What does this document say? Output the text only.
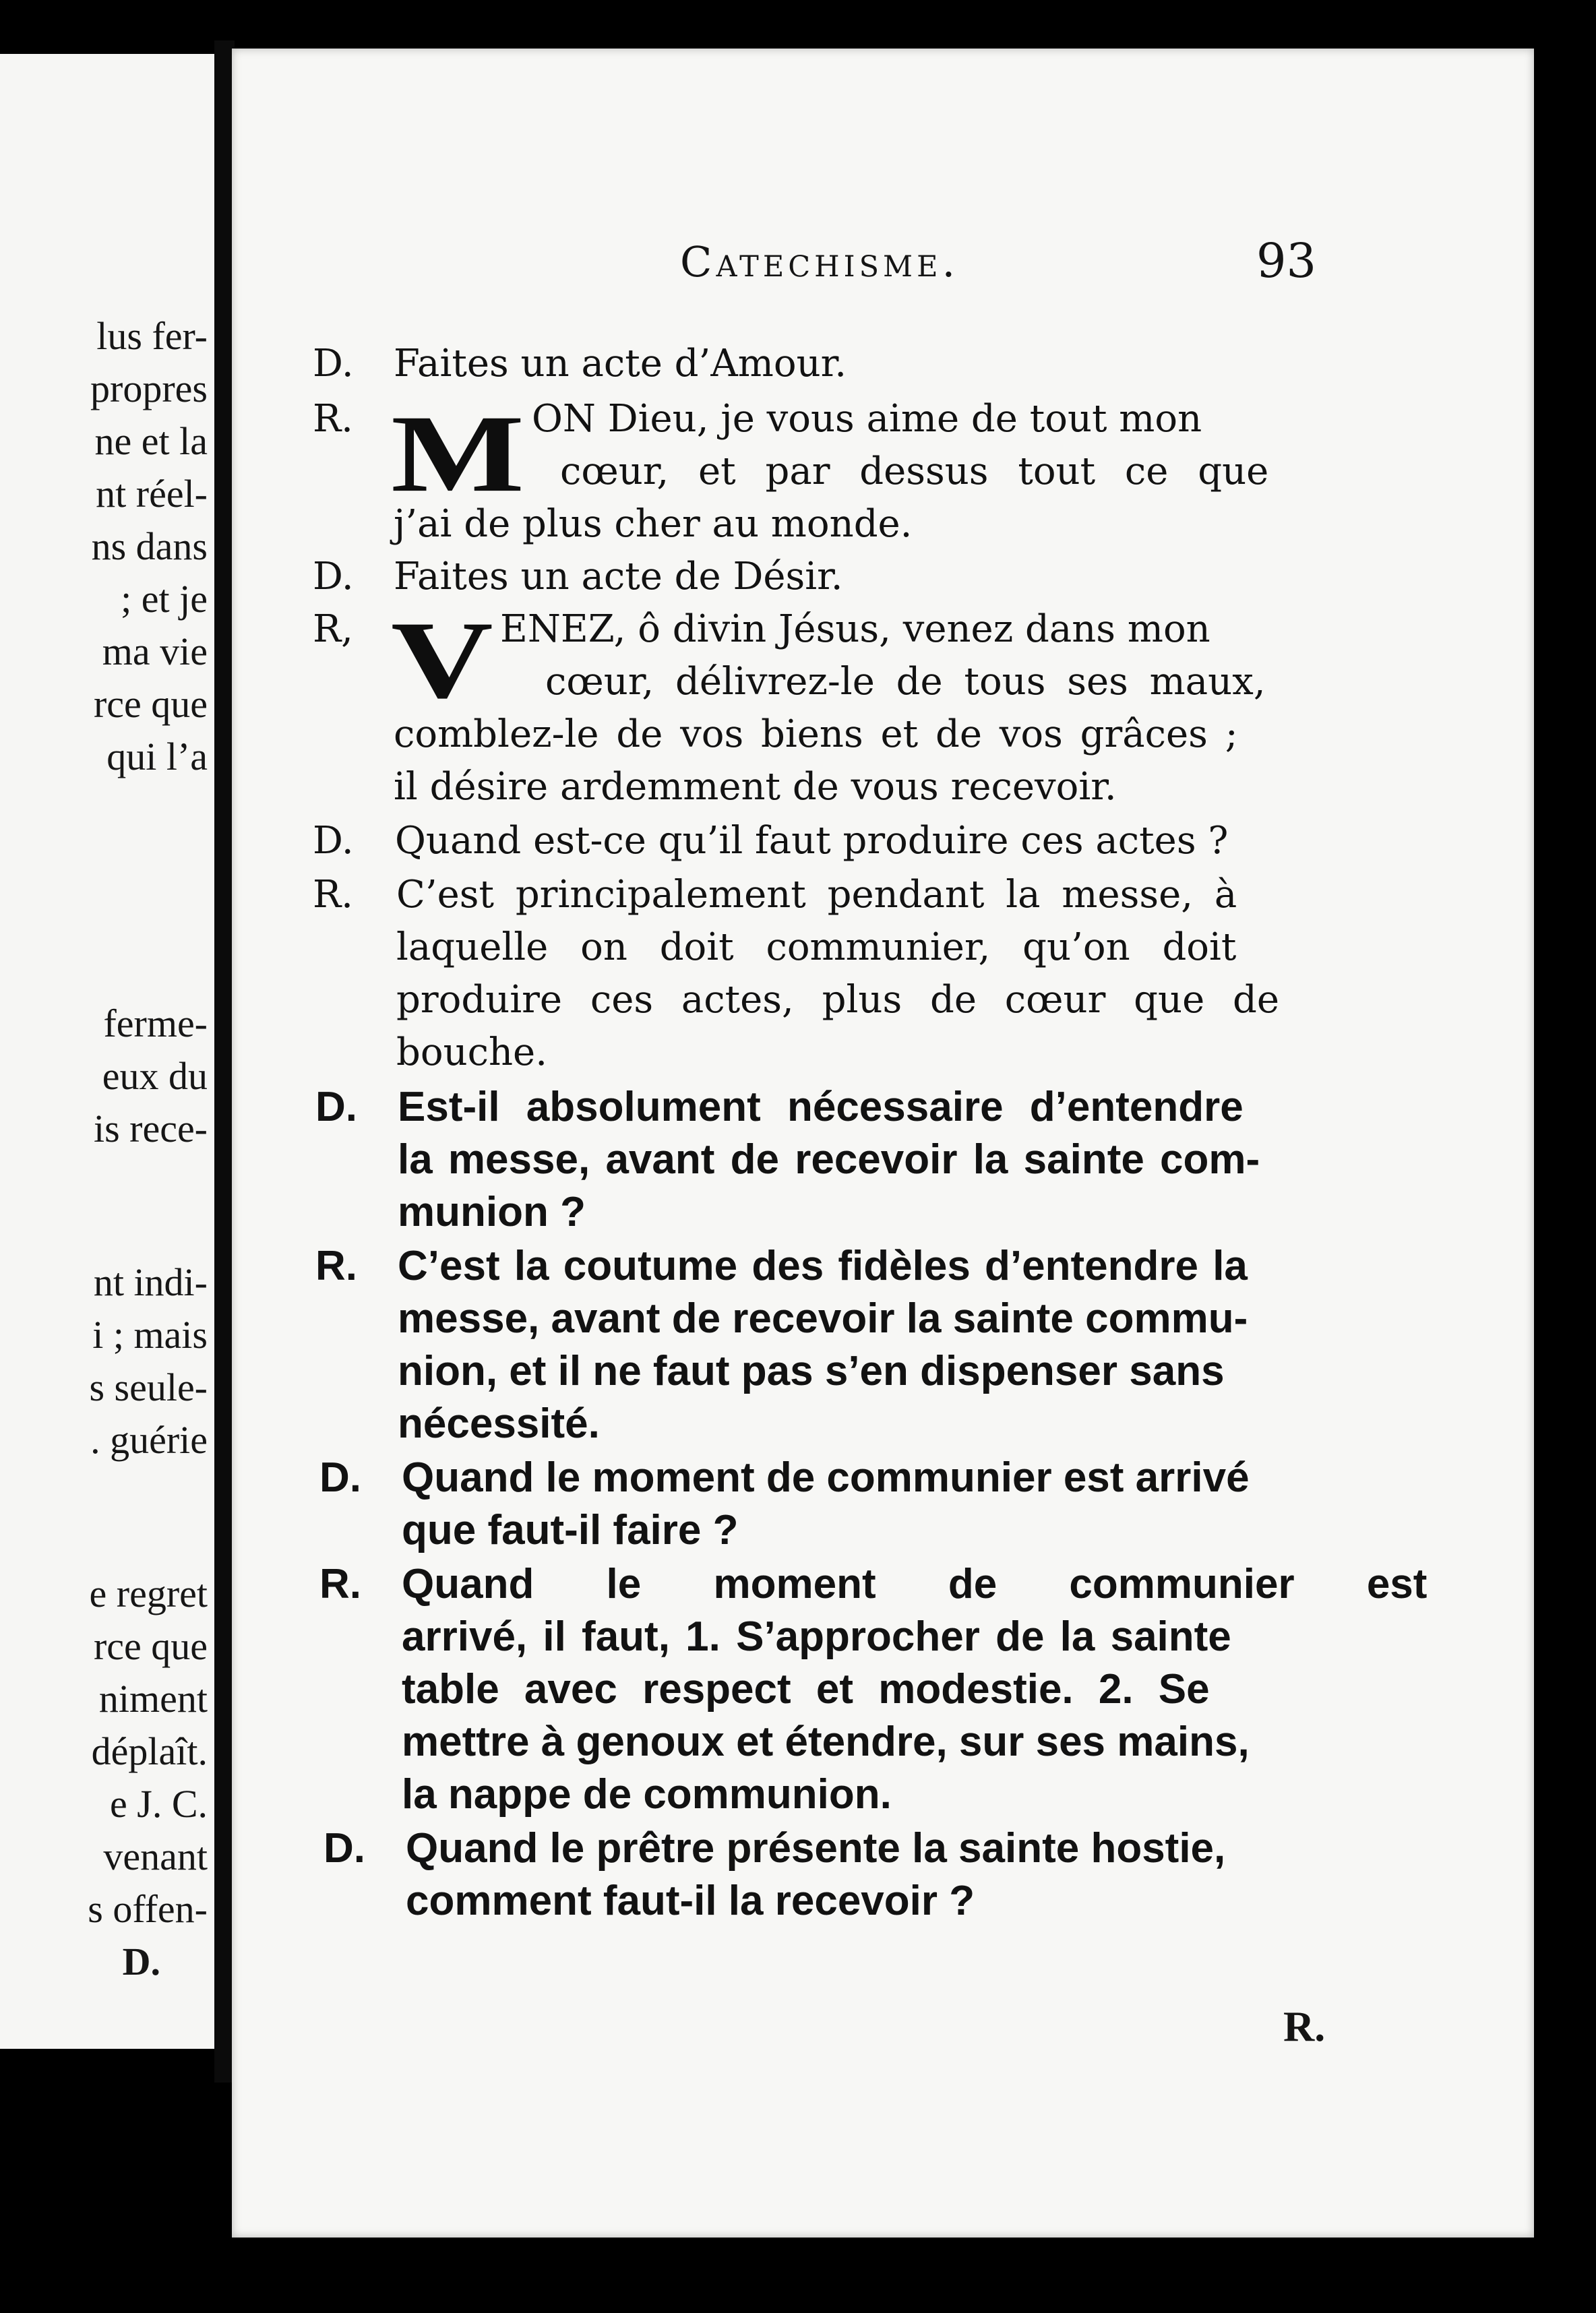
lus fer-
propres
ne et la
nt réel-
ns dans
; et je
ma vie
rce que
qui l’a
ferme-
eux du
is rece-
nt indi-
i ; mais
s seule-
. guérie
e regret
rce que
niment
déplaît.
e J. C.
venant
s offen-
D.
Catechisme.	93
D. Faites un acte d’Amour.
R. M ON Dieu, je vous aime de tout mon
cœur, et par dessus tout ce que
j’ai de plus cher au monde.
D. Faites un acte de Désir.
R, V ENEZ, ô divin Jésus, venez dans mon
cœur, délivrez-le de tous ses maux,
comblez-le de vos biens et de vos grâces ;
il désire ardemment de vous recevoir.
D. Quand est-ce qu’il faut produire ces actes ?
R. C’est principalement pendant la messe, à
laquelle on doit communier, qu’on doit
produire ces actes, plus de cœur que de
bouche.
D. Est-il absolument nécessaire d’entendre
la messe, avant de recevoir la sainte com-
munion ?
R. C’est la coutume des fidèles d’entendre la
messe, avant de recevoir la sainte commu-
nion, et il ne faut pas s’en dispenser sans
nécessité.
D. Quand le moment de communier est arrivé
que faut-il faire ?
R. Quand le moment de communier est
arrivé, il faut, 1. S’approcher de la sainte
table avec respect et modestie. 2. Se
mettre à genoux et étendre, sur ses mains,
la nappe de communion.
D. Quand le prêtre présente la sainte hostie,
comment faut-il la recevoir ?
R.
